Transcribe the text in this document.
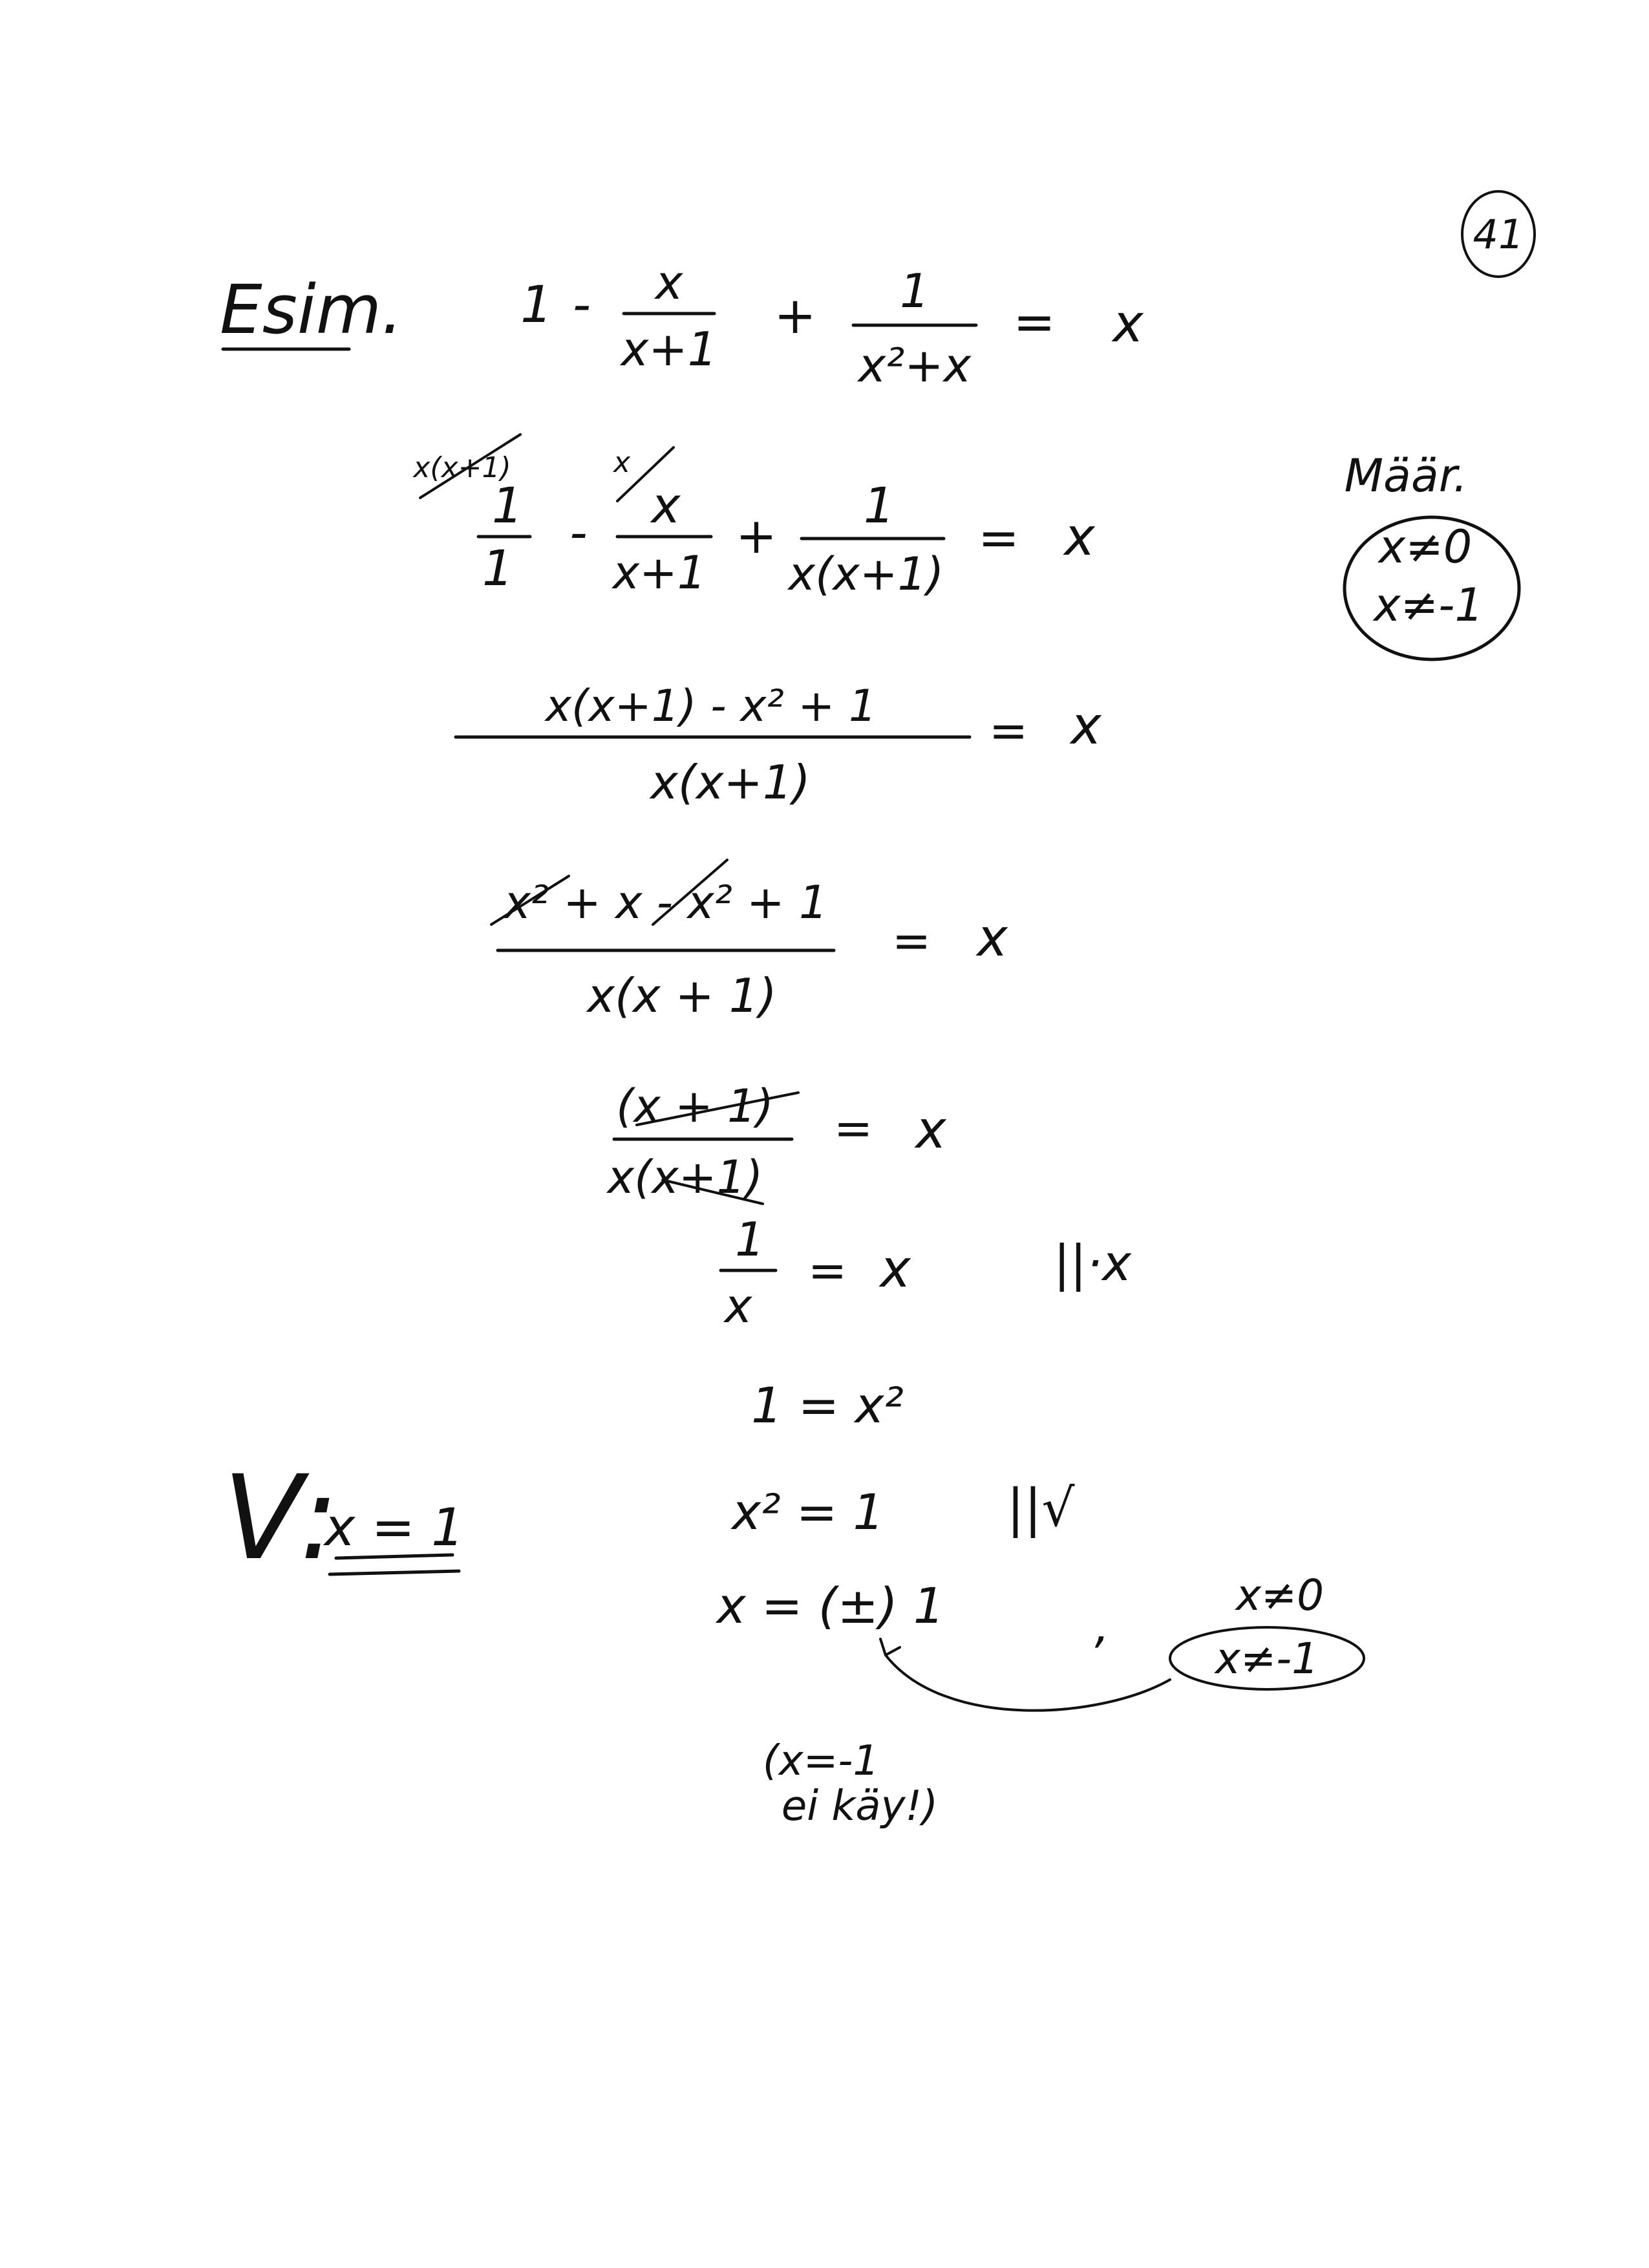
41
Esim. 1 - x
x+1
+ 1
x²+x
= x
x(x+1)	x
1
1
- x
x+1
+
1
x(x+1)
= x
Määr.
x≠0
x≠-1
x(x+1) - x² + 1
x(x+1)
= x
x² + x - x² + 1
x(x + 1)
= x
(x + 1)
x(x+1)
= x
1
x
= x	||·x
1 = x²
x² = 1 ||√
x = (±) 1	,
x≠0
x≠-1
(x=-1
ei käy!)
V:
x = 1
